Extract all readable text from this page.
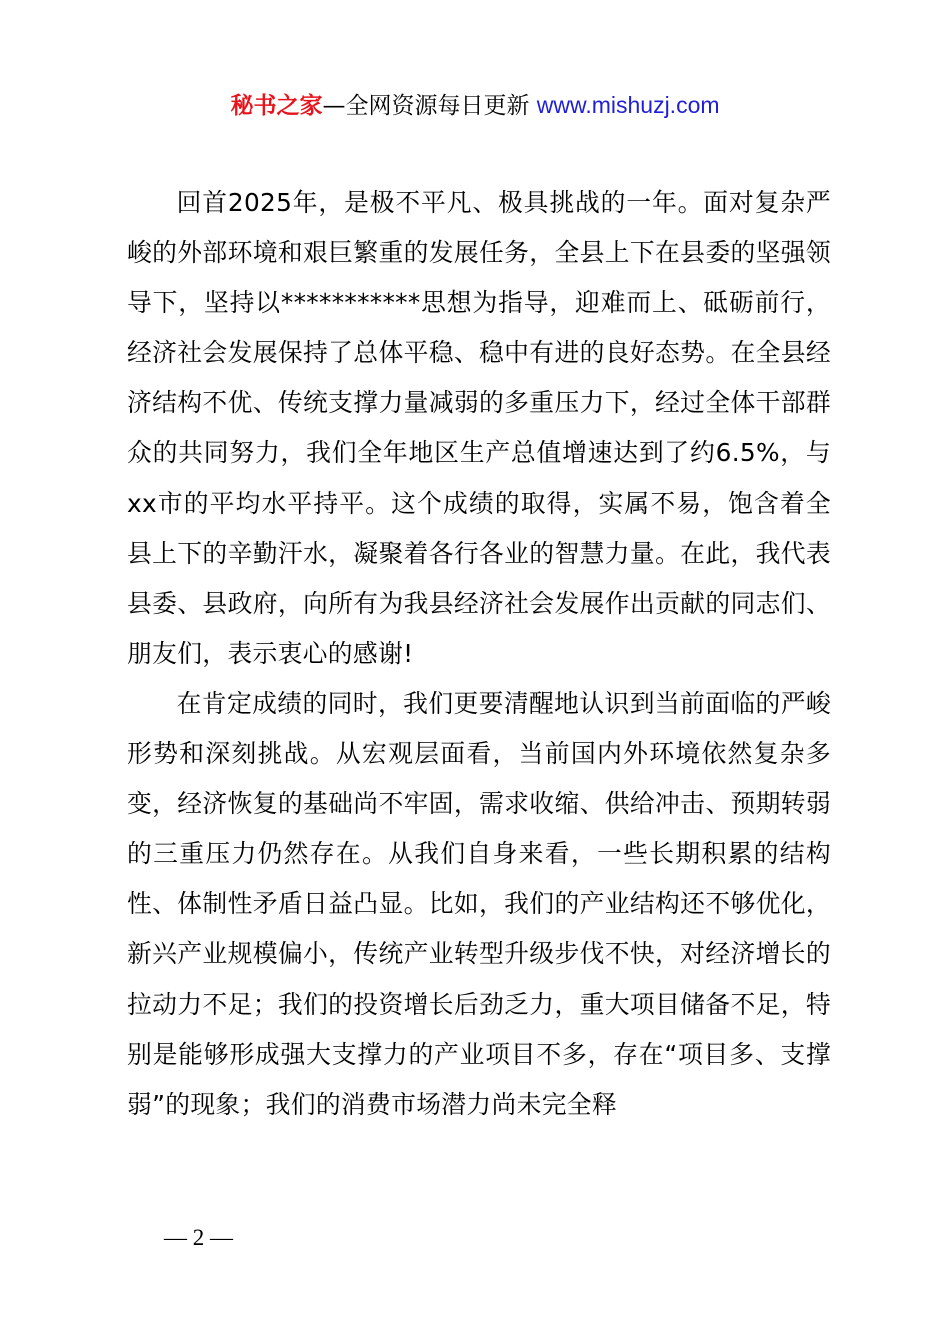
秘书之家—全网资源每日更新 www.mishuzj.com

回首2025年，是极不平凡、极具挑战的一年。面对复杂严峻的外部环境和艰巨繁重的发展任务，全县上下在县委的坚强领导下，坚持以***********思想为指导，迎难而上、砥砺前行，经济社会发展保持了总体平稳、稳中有进的良好态势。在全县经济结构不优、传统支撑力量减弱的多重压力下，经过全体干部群众的共同努力，我们全年地区生产总值增速达到了约6.5%，与xx市的平均水平持平。这个成绩的取得，实属不易，饱含着全县上下的辛勤汗水，凝聚着各行各业的智慧力量。在此，我代表县委、县政府，向所有为我县经济社会发展作出贡献的同志们、朋友们，表示衷心的感谢!

在肯定成绩的同时，我们更要清醒地认识到当前面临的严峻形势和深刻挑战。从宏观层面看，当前国内外环境依然复杂多变，经济恢复的基础尚不牢固，需求收缩、供给冲击、预期转弱的三重压力仍然存在。从我们自身来看，一些长期积累的结构性、体制性矛盾日益凸显。比如，我们的产业结构还不够优化，新兴产业规模偏小，传统产业转型升级步伐不快，对经济增长的拉动力不足；我们的投资增长后劲乏力，重大项目储备不足，特别是能够形成强大支撑力的产业项目不多，存在“项目多、支撑弱”的现象；我们的消费市场潜力尚未完全释

— 2 —
